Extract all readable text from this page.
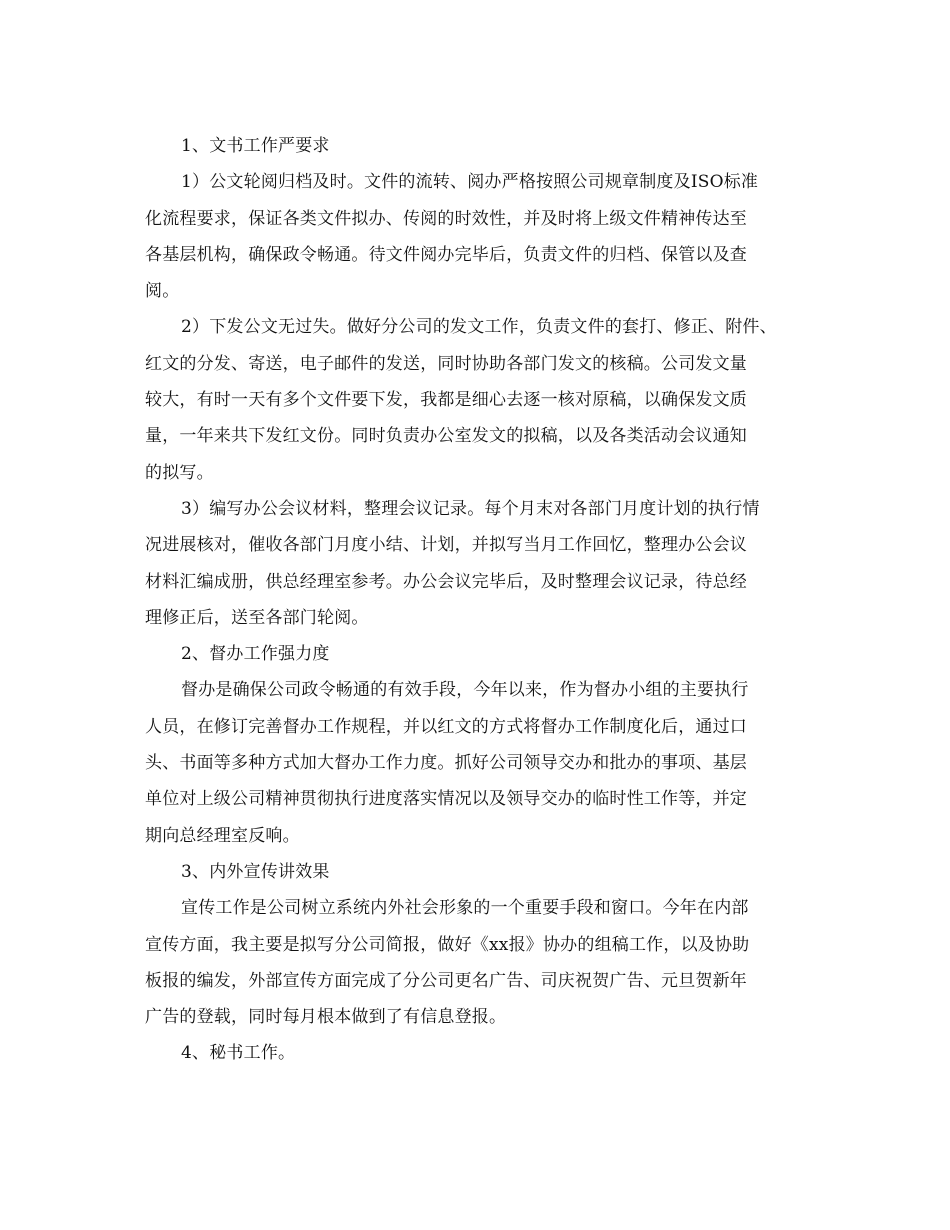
1、文书工作严要求
1）公文轮阅归档及时。文件的流转、阅办严格按照公司规章制度及ISO标准
化流程要求，保证各类文件拟办、传阅的时效性，并及时将上级文件精神传达至
各基层机构，确保政令畅通。待文件阅办完毕后，负责文件的归档、保管以及查
阅。
2）下发公文无过失。做好分公司的发文工作，负责文件的套打、修正、附件、
红文的分发、寄送，电子邮件的发送，同时协助各部门发文的核稿。公司发文量
较大，有时一天有多个文件要下发，我都是细心去逐一核对原稿，以确保发文质
量，一年来共下发红文份。同时负责办公室发文的拟稿，以及各类活动会议通知
的拟写。
3）编写办公会议材料，整理会议记录。每个月末对各部门月度计划的执行情
况进展核对，催收各部门月度小结、计划，并拟写当月工作回忆，整理办公会议
材料汇编成册，供总经理室参考。办公会议完毕后，及时整理会议记录，待总经
理修正后，送至各部门轮阅。
2、督办工作强力度
督办是确保公司政令畅通的有效手段，今年以来，作为督办小组的主要执行
人员，在修订完善督办工作规程，并以红文的方式将督办工作制度化后，通过口
头、书面等多种方式加大督办工作力度。抓好公司领导交办和批办的事项、基层
单位对上级公司精神贯彻执行进度落实情况以及领导交办的临时性工作等，并定
期向总经理室反响。
3、内外宣传讲效果
宣传工作是公司树立系统内外社会形象的一个重要手段和窗口。今年在内部
宣传方面，我主要是拟写分公司简报，做好《xx报》协办的组稿工作，以及协助
板报的编发，外部宣传方面完成了分公司更名广告、司庆祝贺广告、元旦贺新年
广告的登载，同时每月根本做到了有信息登报。
4、秘书工作。
